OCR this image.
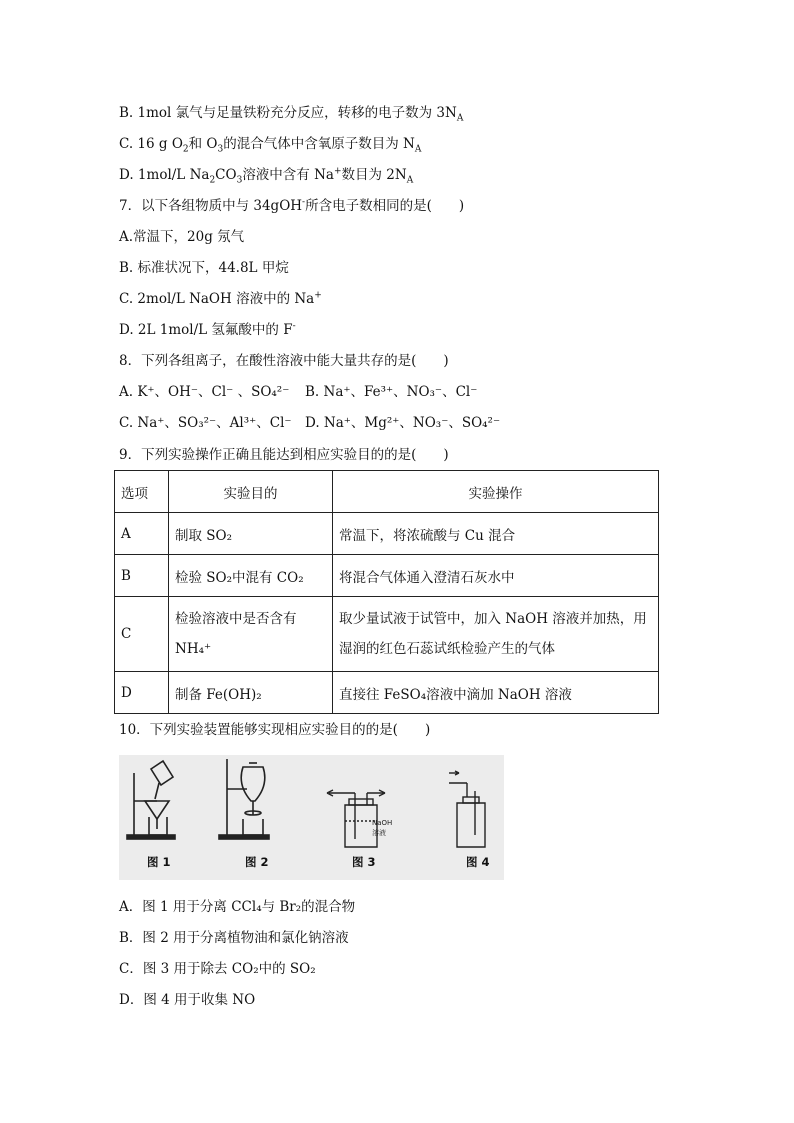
B. 1mol 氯气与足量铁粉充分反应，转移的电子数为 $3N_A$
C. 16 g $O_2$和 $O_3$的混合气体中含氧原子数目为 $N_A$
D. 1mol/L $Na_2CO_3$溶液中含有 Na+数目为 $2N_A$
7．以下各组物质中与 34gOH-所含电子数相同的是(　　)
A.常温下，20g 氖气
B. 标准状况下，44.8L 甲烷
C. 2mol/L NaOH 溶液中的 Na+
D. 2L 1mol/L 氢氟酸中的 F-
8．下列各组离子，在酸性溶液中能大量共存的是(　　)
A. K⁺、OH⁻、Cl⁻ 、SO₄²⁻ B. Na⁺、Fe³⁺、NO₃⁻、Cl⁻
C. Na⁺、SO₃²⁻、Al³⁺、Cl⁻ D. Na⁺、Mg²⁺、NO₃⁻、SO₄²⁻
9．下列实验操作正确且能达到相应实验目的的是(　　)
选项	实验目的	实验操作
A	制取 SO₂	常温下，将浓硫酸与 Cu 混合
B	检验 SO₂中混有 CO₂	将混合气体通入澄清石灰水中
C	检验溶液中是否含有 NH₄⁺	取少量试液于试管中，加入 NaOH 溶液并加热，用湿润的红色石蕊试纸检验产生的气体
D	制备 Fe(OH)₂	直接往 FeSO₄溶液中滴加 NaOH 溶液
10．下列实验装置能够实现相应实验目的的是(　　)
NaOH
溶液
图 1	图 2	图 3	图 4
A．图 1 用于分离 CCl₄与 Br₂的混合物
B．图 2 用于分离植物油和氯化钠溶液
C．图 3 用于除去 CO₂中的 SO₂
D．图 4 用于收集 NO
